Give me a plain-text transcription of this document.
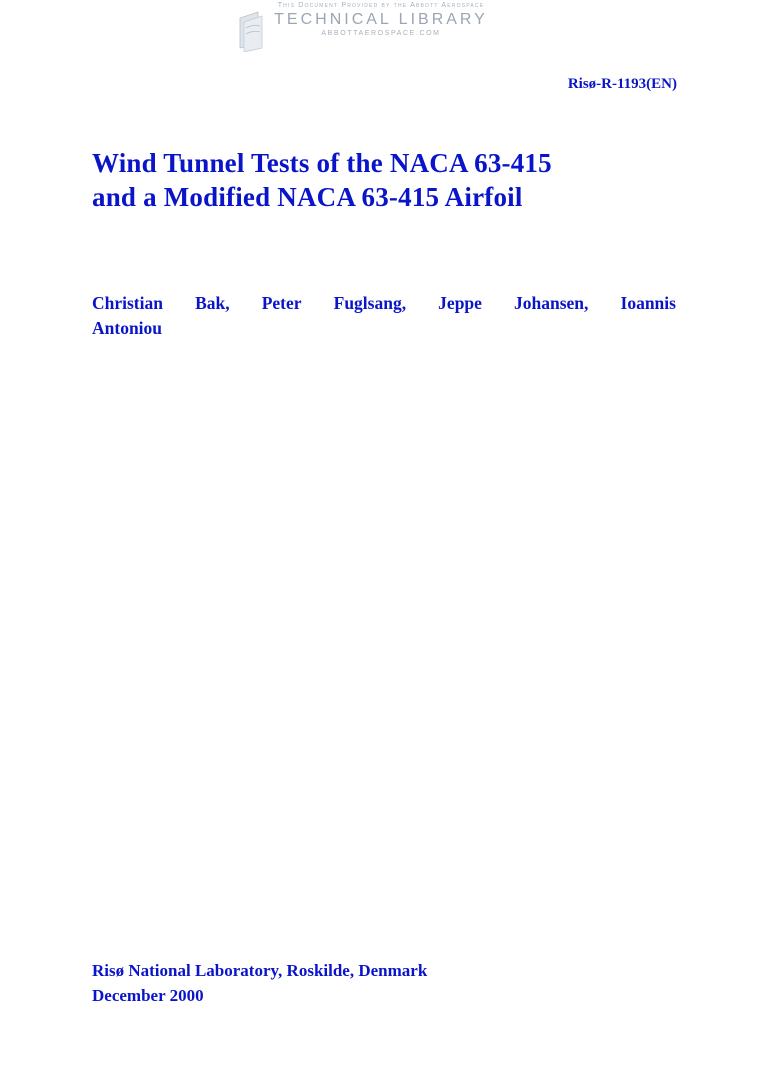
This Document Provided by the Abbott Aerospace
TECHNICAL LIBRARY
ABBOTTAEROSPACE.COM
Risø-R-1193(EN)
Wind Tunnel Tests of the NACA 63-415
and a Modified NACA 63-415 Airfoil
Christian Bak, Peter Fuglsang, Jeppe Johansen, Ioannis
Antoniou
Risø National Laboratory, Roskilde, Denmark
December 2000
